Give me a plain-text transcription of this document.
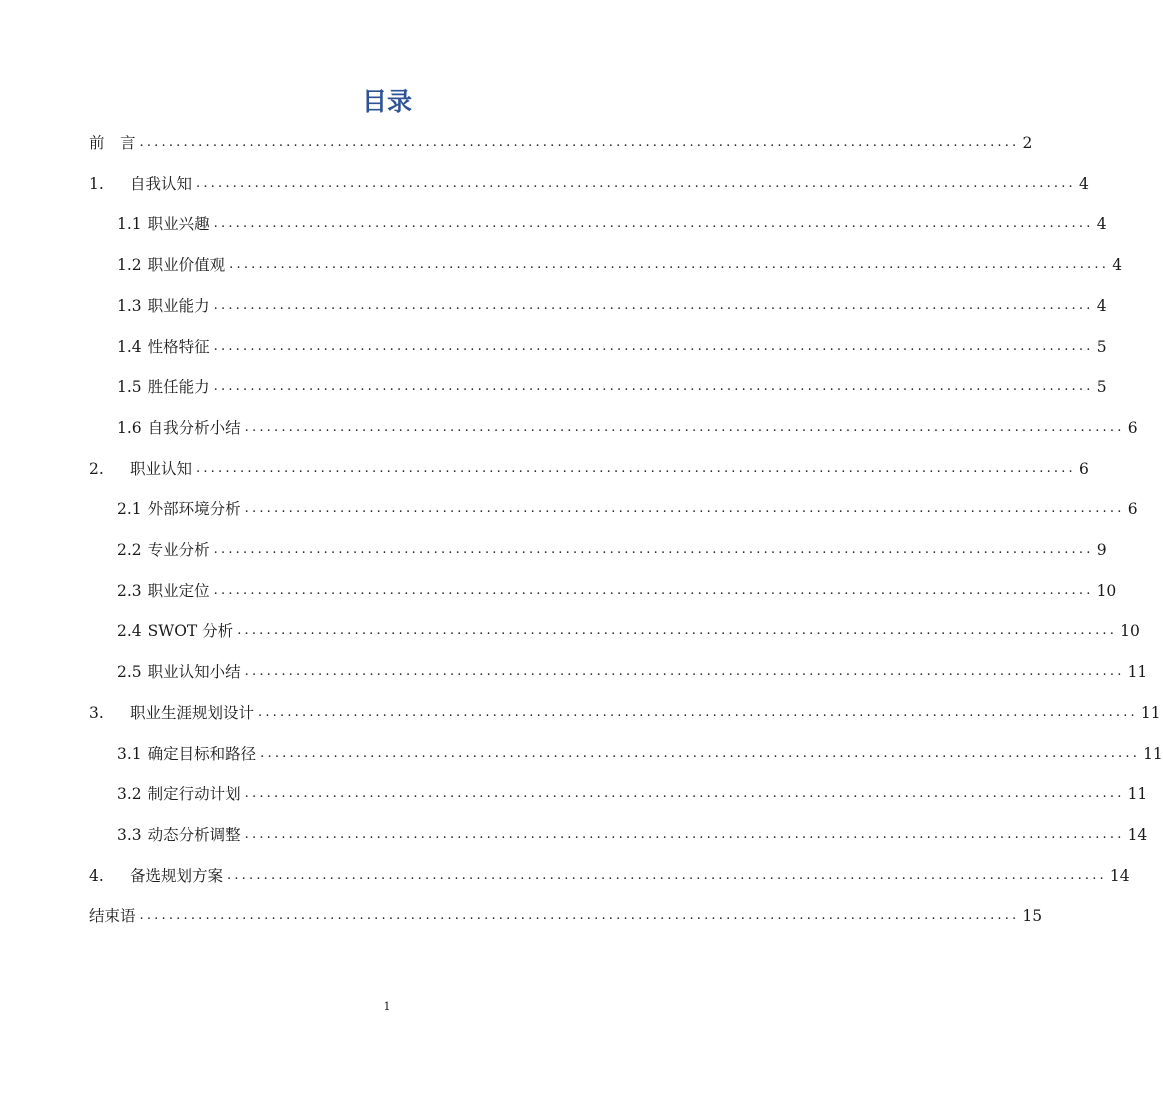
目录
前　言 ........................................................................................................................ 2
1.	自我认知 ........................................................................................................................ 4
1.1 职业兴趣 ........................................................................................................................ 4
1.2 职业价值观 ........................................................................................................................ 4
1.3 职业能力 ........................................................................................................................ 4
1.4 性格特征 ........................................................................................................................ 5
1.5 胜任能力 ........................................................................................................................ 5
1.6 自我分析小结 ........................................................................................................................ 6
2.	职业认知 ........................................................................................................................ 6
2.1 外部环境分析 ........................................................................................................................ 6
2.2 专业分析 ........................................................................................................................ 9
2.3 职业定位 ........................................................................................................................ 10
2.4 SWOT 分析 ........................................................................................................................ 10
2.5 职业认知小结 ........................................................................................................................ 11
3.	职业生涯规划设计 ........................................................................................................................ 11
3.1 确定目标和路径 ........................................................................................................................ 11
3.2 制定行动计划 ........................................................................................................................ 11
3.3 动态分析调整 ........................................................................................................................ 14
4.	备选规划方案 ........................................................................................................................ 14
结束语 ........................................................................................................................ 15
1
